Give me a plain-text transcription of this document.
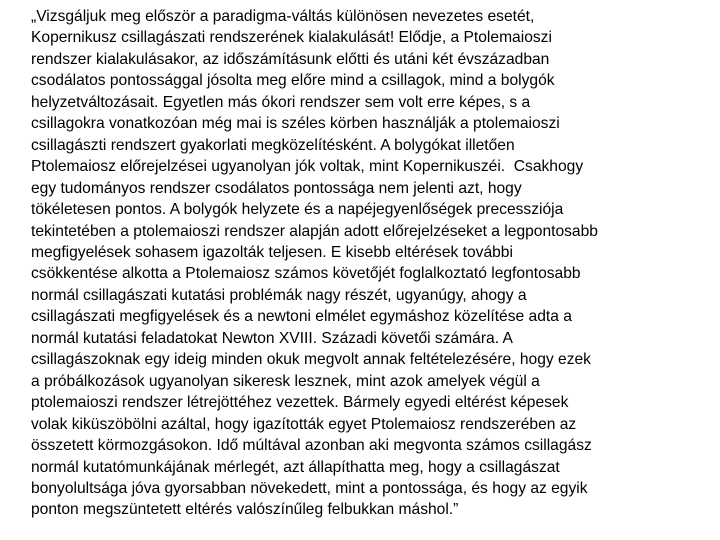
„Vizsgáljuk meg először a paradigma-váltás különösen nevezetes esetét,
Kopernikusz csillagászati rendszerének kialakulását! Elődje, a Ptolemaioszi
rendszer kialakulásakor, az időszámításunk előtti és utáni két évszázadban
csodálatos pontossággal jósolta meg előre mind a csillagok, mind a bolygók
helyzetváltozásait. Egyetlen más ókori rendszer sem volt erre képes, s a
csillagokra vonatkozóan még mai is széles körben használják a ptolemaioszi
csillagászti rendszert gyakorlati megközelítésként. A bolygókat illetően
Ptolemaiosz előrejelzései ugyanolyan jók voltak, mint Kopernikuszéi.  Csakhogy
egy tudományos rendszer csodálatos pontossága nem jelenti azt, hogy
tökéletesen pontos. A bolygók helyzete és a napéjegyenlőségek precessziója
tekintetében a ptolemaioszi rendszer alapján adott előrejelzéseket a legpontosabb
megfigyelések sohasem igazolták teljesen. E kisebb eltérések további
csökkentése alkotta a Ptolemaiosz számos követőjét foglalkoztató legfontosabb
normál csillagászati kutatási problémák nagy részét, ugyanúgy, ahogy a
csillagászati megfigyelések és a newtoni elmélet egymáshoz közelítése adta a
normál kutatási feladatokat Newton XVIII. Századi követői számára. A
csillagászoknak egy ideig minden okuk megvolt annak feltételezésére, hogy ezek
a próbálkozások ugyanolyan sikeresk lesznek, mint azok amelyek végül a
ptolemaioszi rendszer létrejöttéhez vezettek. Bármely egyedi eltérést képesek
volak kiküszöbölni azáltal, hogy igazították egyet Ptolemaiosz rendszerében az
összetett körmozgásokon. Idő múltával azonban aki megvonta számos csillagász
normál kutatómunkájának mérlegét, azt állapíthatta meg, hogy a csillagászat
bonyolultsága jóva gyorsabban növekedett, mint a pontossága, és hogy az egyik
ponton megszüntetett eltérés valószínűleg felbukkan máshol.”
